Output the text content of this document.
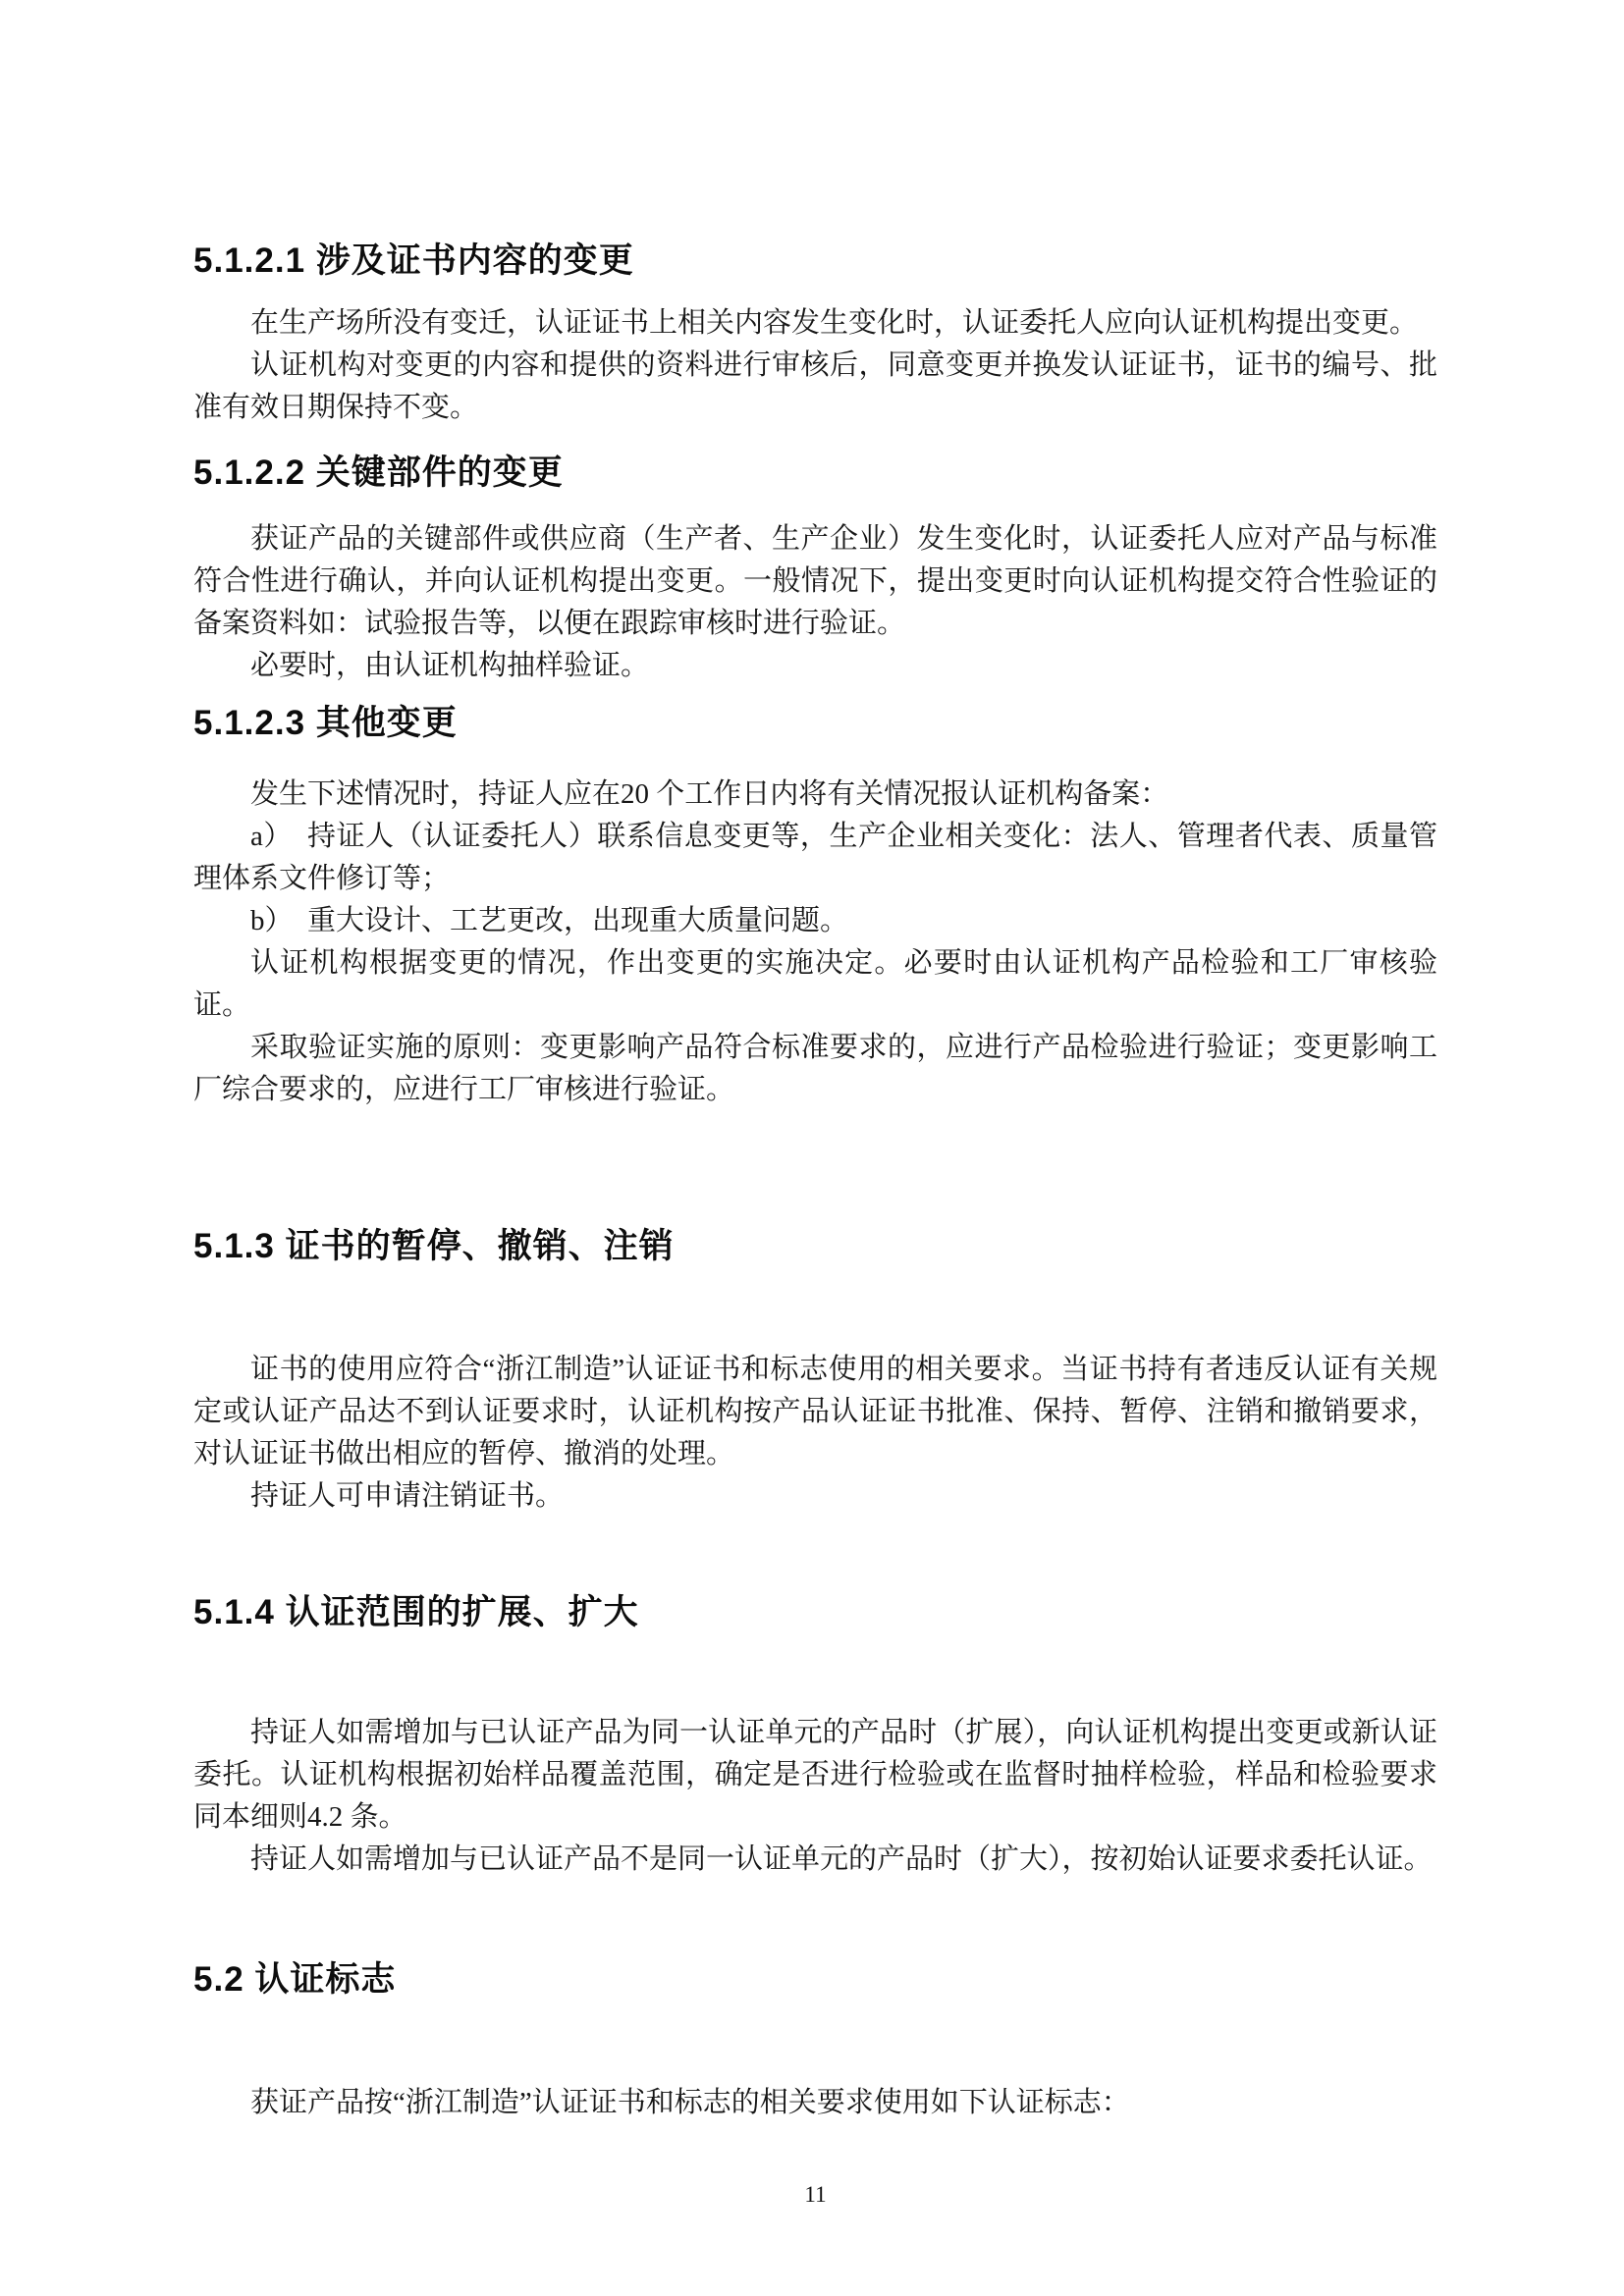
5.1.2.1 涉及证书内容的变更

在生产场所没有变迁，认证证书上相关内容发生变化时，认证委托人应向认证机构提出变更。

认证机构对变更的内容和提供的资料进行审核后，同意变更并换发认证证书，证书的编号、批准有效日期保持不变。

5.1.2.2 关键部件的变更

获证产品的关键部件或供应商（生产者、生产企业）发生变化时，认证委托人应对产品与标准符合性进行确认，并向认证机构提出变更。一般情况下，提出变更时向认证机构提交符合性验证的备案资料如：试验报告等，以便在跟踪审核时进行验证。

必要时，由认证机构抽样验证。

5.1.2.3 其他变更

发生下述情况时，持证人应在20 个工作日内将有关情况报认证机构备案：

a）　持证人（认证委托人）联系信息变更等，生产企业相关变化：法人、管理者代表、质量管理体系文件修订等；

b）　重大设计、工艺更改，出现重大质量问题。

认证机构根据变更的情况，作出变更的实施决定。必要时由认证机构产品检验和工厂审核验证。

采取验证实施的原则：变更影响产品符合标准要求的，应进行产品检验进行验证；变更影响工厂综合要求的，应进行工厂审核进行验证。

5.1.3 证书的暂停、撤销、注销

证书的使用应符合“浙江制造”认证证书和标志使用的相关要求。当证书持有者违反认证有关规定或认证产品达不到认证要求时，认证机构按产品认证证书批准、保持、暂停、注销和撤销要求，对认证证书做出相应的暂停、撤消的处理。

持证人可申请注销证书。

5.1.4 认证范围的扩展、扩大

持证人如需增加与已认证产品为同一认证单元的产品时（扩展），向认证机构提出变更或新认证委托。认证机构根据初始样品覆盖范围，确定是否进行检验或在监督时抽样检验，样品和检验要求同本细则4.2 条。

持证人如需增加与已认证产品不是同一认证单元的产品时（扩大），按初始认证要求委托认证。

5.2 认证标志

获证产品按“浙江制造”认证证书和标志的相关要求使用如下认证标志：

11
